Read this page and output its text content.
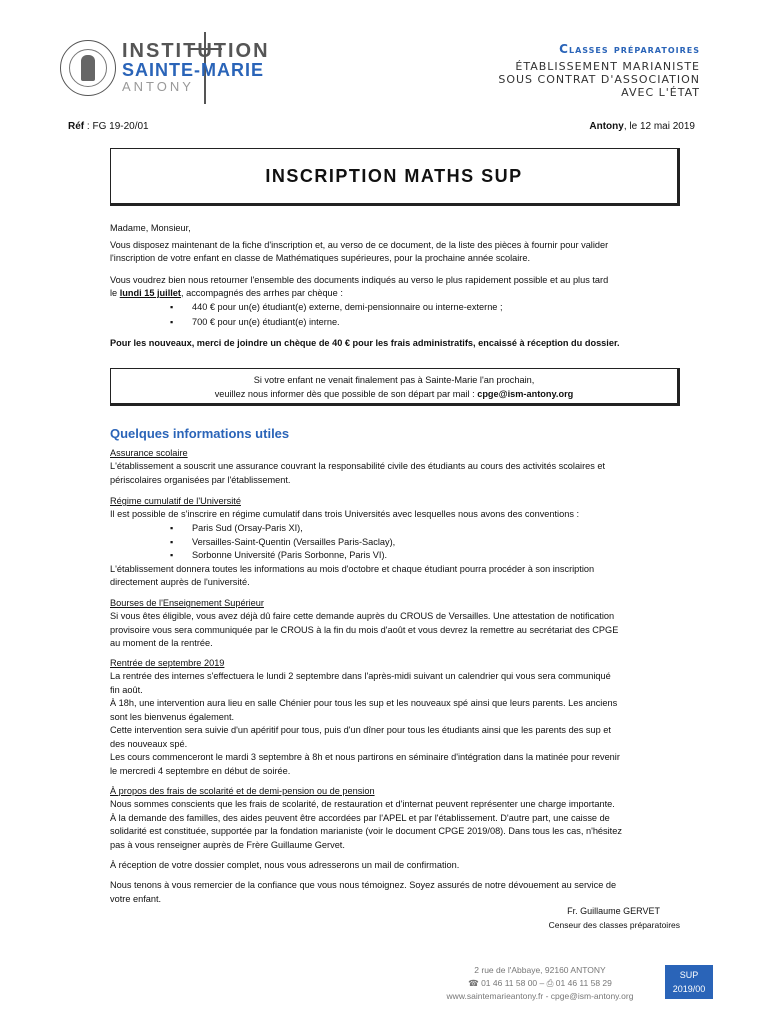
INSTITUTION
SAINTE-MARIE
ANTONY
Classes préparatoires
ÉTABLISSEMENT MARIANISTE
SOUS CONTRAT D'ASSOCIATION
AVEC L'ÉTAT
Réf : FG 19-20/01	Antony, le 12 mai 2019
INSCRIPTION MATHS SUP
Madame, Monsieur,
Vous disposez maintenant de la fiche d'inscription et, au verso de ce document, de la liste des pièces à fournir pour valider
l'inscription de votre enfant en classe de Mathématiques supérieures, pour la prochaine année scolaire.
Vous voudrez bien nous retourner l'ensemble des documents indiqués au verso le plus rapidement possible et au plus tard
le lundi 15 juillet, accompagnés des arrhes par chèque :
▪ 440 € pour un(e) étudiant(e) externe, demi-pensionnaire ou interne-externe ;
▪ 700 € pour un(e) étudiant(e) interne.
Pour les nouveaux, merci de joindre un chèque de 40 € pour les frais administratifs, encaissé à réception du dossier.
Si votre enfant ne venait finalement pas à Sainte-Marie l'an prochain,
veuillez nous informer dès que possible de son départ par mail : cpge@ism-antony.org
Quelques informations utiles
Assurance scolaire
L'établissement a souscrit une assurance couvrant la responsabilité civile des étudiants au cours des activités scolaires et
périscolaires organisées par l'établissement.
Régime cumulatif de l'Université
Il est possible de s'inscrire en régime cumulatif dans trois Universités avec lesquelles nous avons des conventions :
▪ Paris Sud (Orsay-Paris XI),
▪ Versailles-Saint-Quentin (Versailles Paris-Saclay),
▪ Sorbonne Université (Paris Sorbonne, Paris VI).
L'établissement donnera toutes les informations au mois d'octobre et chaque étudiant pourra procéder à son inscription
directement auprès de l'université.
Bourses de l'Enseignement Supérieur
Si vous êtes éligible, vous avez déjà dû faire cette demande auprès du CROUS de Versailles. Une attestation de notification
provisoire vous sera communiquée par le CROUS à la fin du mois d'août et vous devrez la remettre au secrétariat des CPGE
au moment de la rentrée.
Rentrée de septembre 2019
La rentrée des internes s'effectuera le lundi 2 septembre dans l'après-midi suivant un calendrier qui vous sera communiqué
fin août.
À 18h, une intervention aura lieu en salle Chénier pour tous les sup et les nouveaux spé ainsi que leurs parents. Les anciens
sont les bienvenus également.
Cette intervention sera suivie d'un apéritif pour tous, puis d'un dîner pour tous les étudiants ainsi que les parents des sup et
des nouveaux spé.
Les cours commenceront le mardi 3 septembre à 8h et nous partirons en séminaire d'intégration dans la matinée pour revenir
le mercredi 4 septembre en début de soirée.
À propos des frais de scolarité et de demi-pension ou de pension
Nous sommes conscients que les frais de scolarité, de restauration et d'internat peuvent représenter une charge importante.
À la demande des familles, des aides peuvent être accordées par l'APEL et par l'établissement. D'autre part, une caisse de
solidarité est constituée, supportée par la fondation marianiste (voir le document CPGE 2019/08). Dans tous les cas, n'hésitez
pas à vous renseigner auprès de Frère Guillaume Gervet.
À réception de votre dossier complet, nous vous adresserons un mail de confirmation.
Nous tenons à vous remercier de la confiance que vous nous témoignez. Soyez assurés de notre dévouement au service de
votre enfant.
Fr. Guillaume GERVET
Censeur des classes préparatoires
2 rue de l'Abbaye, 92160 ANTONY
☎ 01 46 11 58 00 – ⎙ 01 46 11 58 29
www.saintemarieantony.fr - cpge@ism-antony.org
SUP
2019/00
